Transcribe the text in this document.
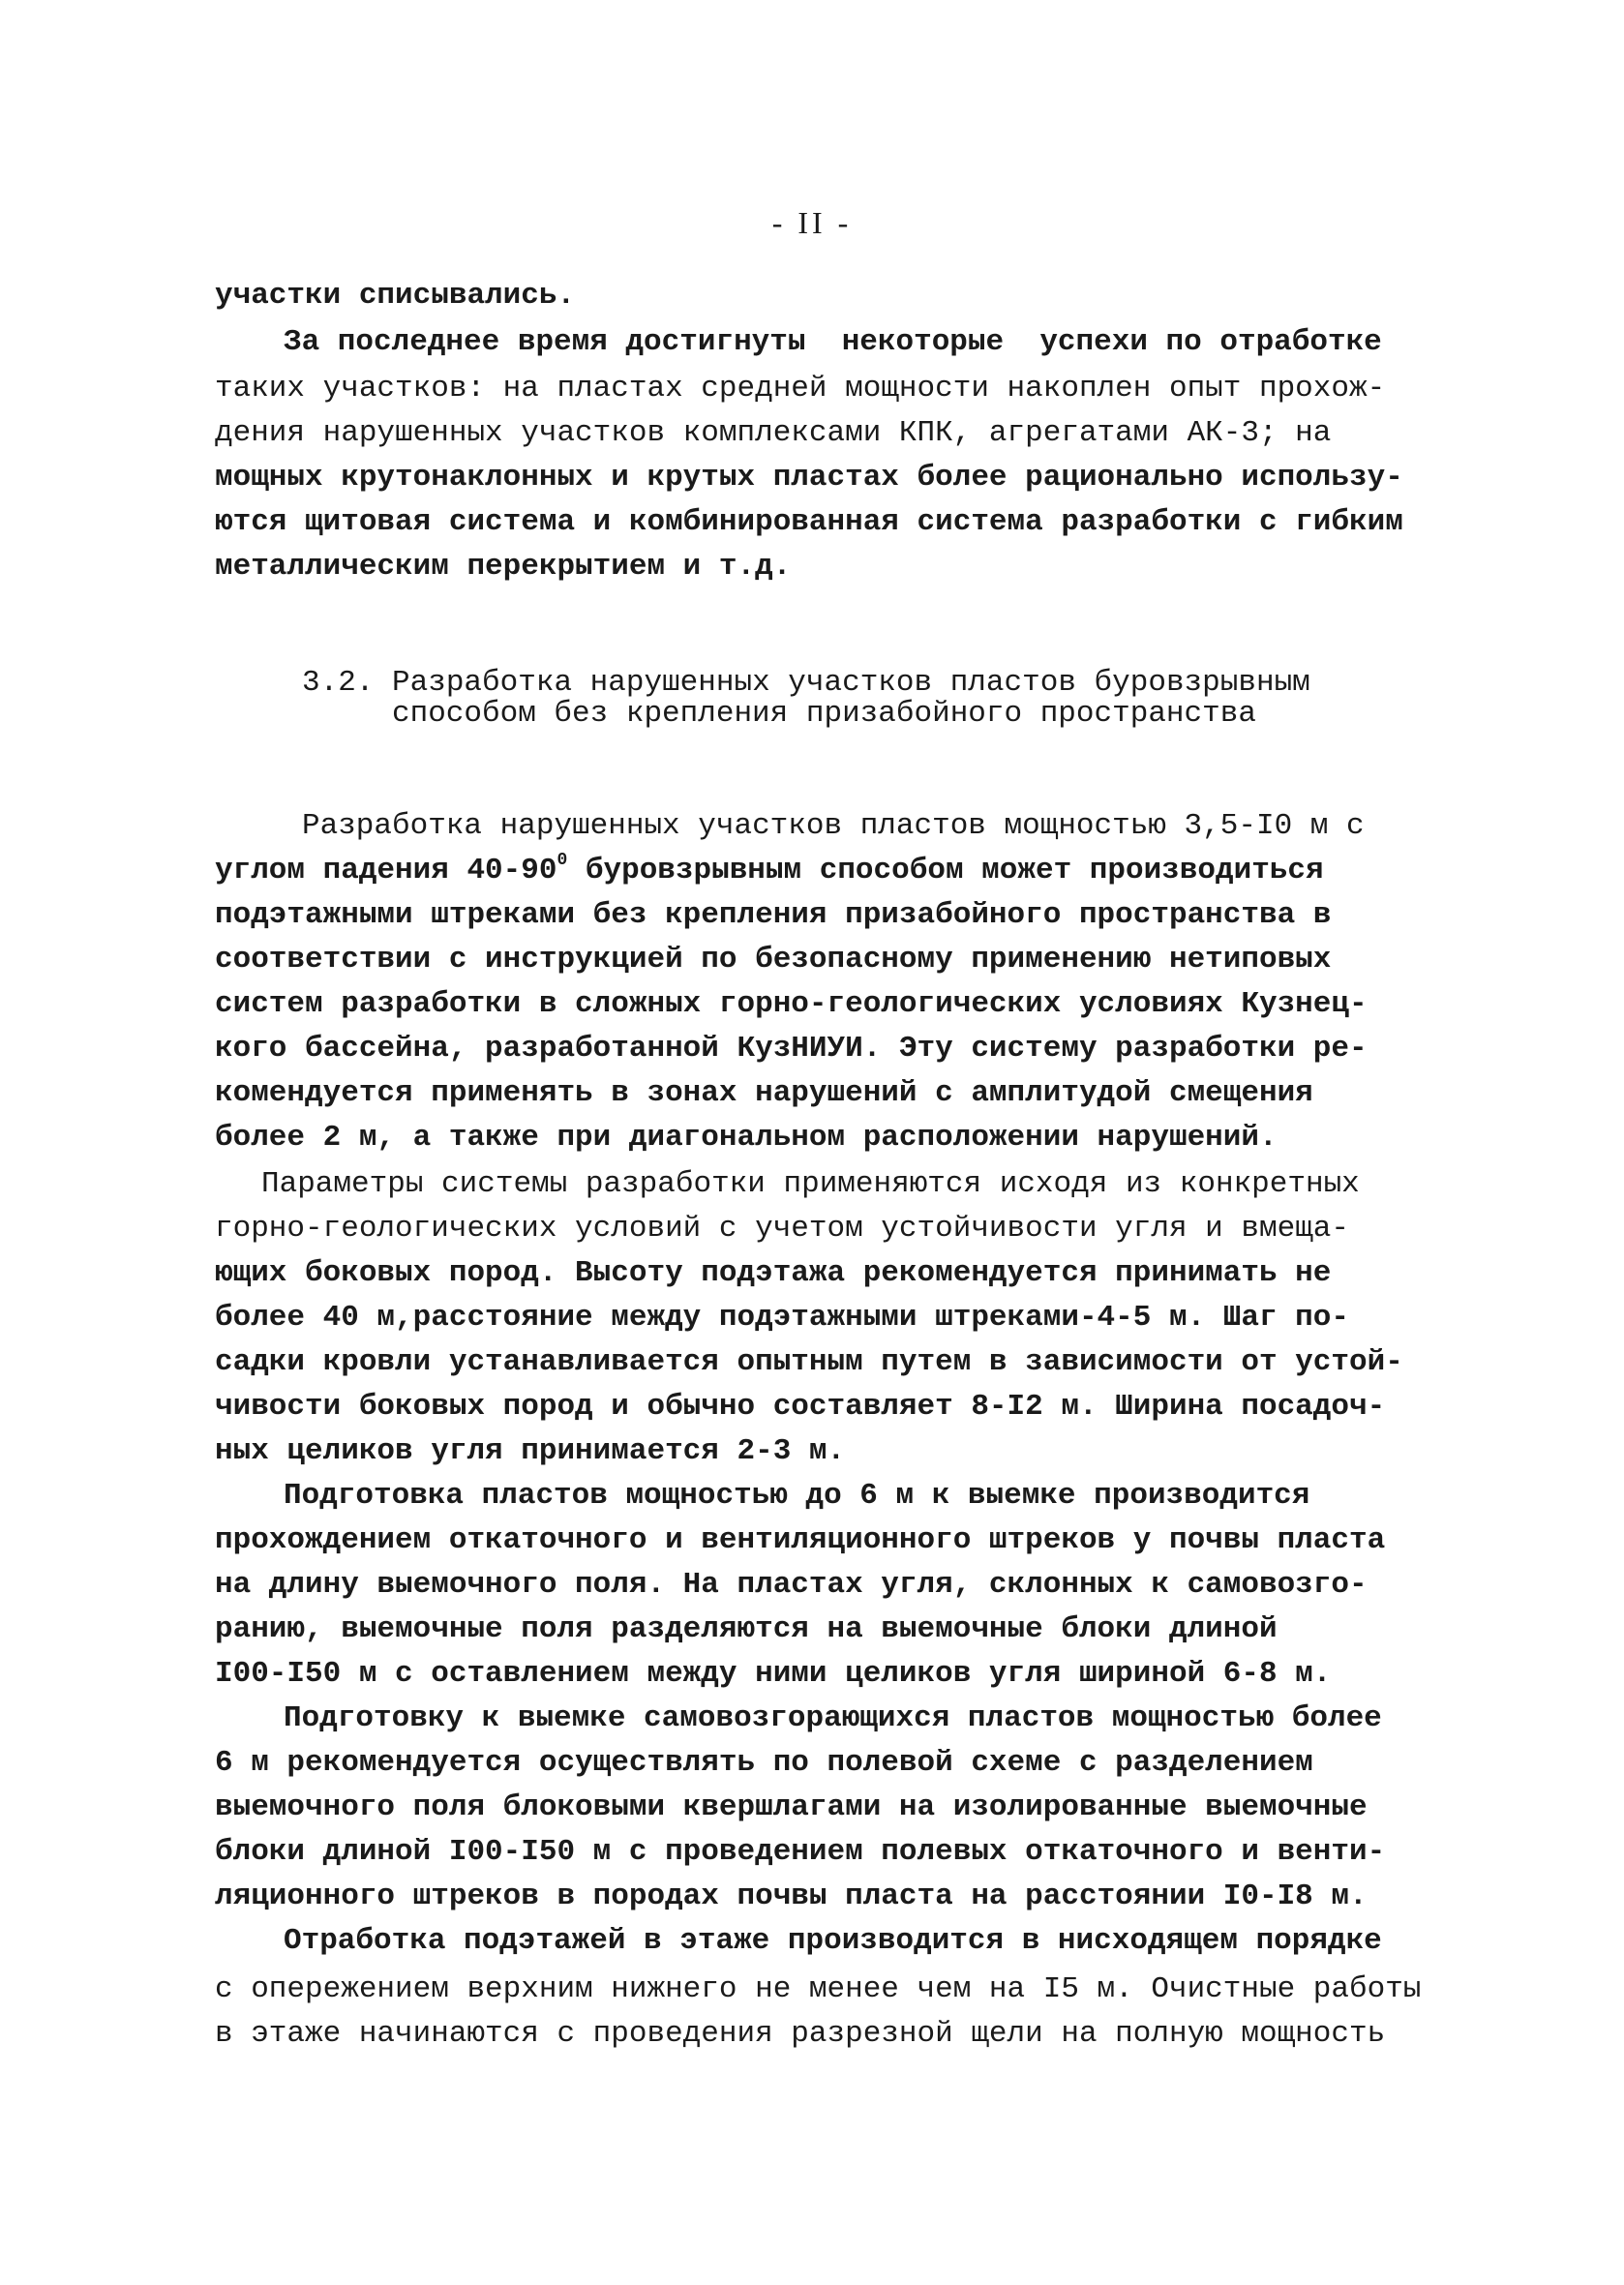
- II -
участки списывались.
За последнее время достигнуты  некоторые  успехи по отработке
таких участков: на пластах средней мощности накоплен опыт прохож-
дения нарушенных участков комплексами КПК, агрегатами АК-3; на
мощных крутонаклонных и крутых пластах более рационально использу-
ются щитовая система и комбинированная система разработки с гибким
металлическим перекрытием и т.д.
3.2. Разработка нарушенных участков пластов буровзрывным
способом без крепления призабойного пространства
Разработка нарушенных участков пластов мощностью 3,5-I0 м с
углом падения $40-90^0$ буровзрывным способом может производиться
подэтажными штреками без крепления призабойного пространства в
соответствии с инструкцией по безопасному применению нетиповых
систем разработки в сложных горно-геологических условиях Кузнец-
кого бассейна, разработанной КузНИУИ. Эту систему разработки ре-
комендуется применять в зонах нарушений с амплитудой смещения
более 2 м, а также при диагональном расположении нарушений.
Параметры системы разработки применяются исходя из конкретных
горно-геологических условий с учетом устойчивости угля и вмеща-
ющих боковых пород. Высоту подэтажа рекомендуется принимать не
более 40 м,расстояние между подэтажными штреками-4-5 м. Шаг по-
садки кровли устанавливается опытным путем в зависимости от устой-
чивости боковых пород и обычно составляет 8-I2 м. Ширина посадоч-
ных целиков угля принимается 2-3 м.
Подготовка пластов мощностью до 6 м к выемке производится
прохождением откаточного и вентиляционного штреков у почвы пласта
на длину выемочного поля. На пластах угля, склонных к самовозго-
ранию, выемочные поля разделяются на выемочные блоки длиной
I00-I50 м с оставлением между ними целиков угля шириной 6-8 м.
Подготовку к выемке самовозгорающихся пластов мощностью более
6 м рекомендуется осуществлять по полевой схеме с разделением
выемочного поля блоковыми квершлагами на изолированные выемочные
блоки длиной I00-I50 м с проведением полевых откаточного и венти-
ляционного штреков в породах почвы пласта на расстоянии I0-I8 м.
Отработка подэтажей в этаже производится в нисходящем порядке
с опережением верхним нижнего не менее чем на I5 м. Очистные работы
в этаже начинаются с проведения разрезной щели на полную мощность
